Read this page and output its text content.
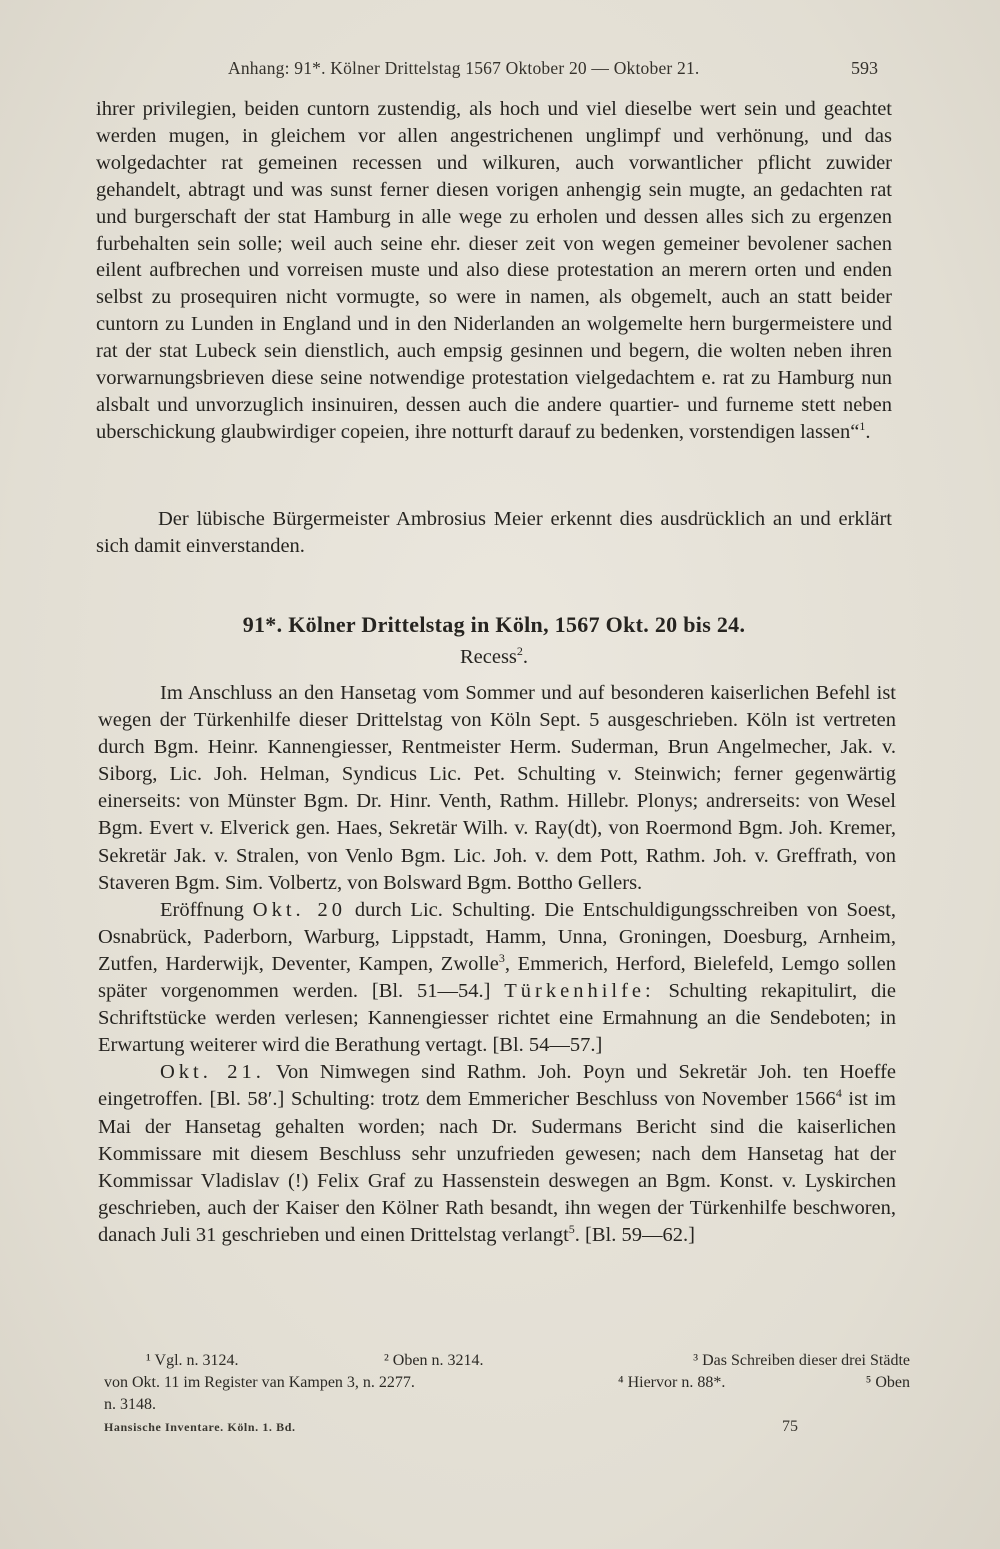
Anhang: 91*. Kölner Drittelstag 1567 Oktober 20 — Oktober 21.	593

ihrer privilegien, beiden cuntorn zustendig, als hoch und viel dieselbe wert sein und geachtet werden mugen, in gleichem vor allen angestrichenen unglimpf und verhönung, und das wolgedachter rat gemeinen recessen und wilkuren, auch vorwantlicher pflicht zuwider gehandelt, abtragt und was sunst ferner diesen vorigen anhengig sein mugte, an gedachten rat und burgerschaft der stat Hamburg in alle wege zu erholen und dessen alles sich zu ergenzen furbehalten sein solle; weil auch seine ehr. dieser zeit von wegen gemeiner bevolener sachen eilent aufbrechen und vorreisen muste und also diese protestation an merern orten und enden selbst zu prosequiren nicht vormugte, so were in namen, als obgemelt, auch an statt beider cuntorn zu Lunden in England und in den Niderlanden an wolgemelte hern burgermeistere und rat der stat Lubeck sein dienstlich, auch empsig gesinnen und begern, die wolten neben ihren vorwarnungsbrieven diese seine notwendige protestation vielgedachtem e. rat zu Hamburg nun alsbalt und unvorzuglich insinuiren, dessen auch die andere quartier- und furneme stett neben uberschickung glaubwirdiger copeien, ihre notturft darauf zu bedenken, vorstendigen lassen“$^1$.

Der lübische Bürgermeister Ambrosius Meier erkennt dies ausdrücklich an und erklärt sich damit einverstanden.

91*. Kölner Drittelstag in Köln, 1567 Okt. 20 bis 24.
Recess$^2$.

Im Anschluss an den Hansetag vom Sommer und auf besonderen kaiserlichen Befehl ist wegen der Türkenhilfe dieser Drittelstag von Köln Sept. 5 ausgeschrieben. Köln ist vertreten durch Bgm. Heinr. Kannengiesser, Rentmeister Herm. Suderman, Brun Angelmecher, Jak. v. Siborg, Lic. Joh. Helman, Syndicus Lic. Pet. Schulting v. Steinwich; ferner gegenwärtig einerseits: von Münster Bgm. Dr. Hinr. Venth, Rathm. Hillebr. Plonys; andrerseits: von Wesel Bgm. Evert v. Elverick gen. Haes, Sekretär Wilh. v. Ray(dt), von Roermond Bgm. Joh. Kremer, Sekretär Jak. v. Stralen, von Venlo Bgm. Lic. Joh. v. dem Pott, Rathm. Joh. v. Greffrath, von Staveren Bgm. Sim. Volbertz, von Bolsward Bgm. Bottho Gellers.

Eröffnung Okt. 20 durch Lic. Schulting. Die Entschuldigungsschreiben von Soest, Osnabrück, Paderborn, Warburg, Lippstadt, Hamm, Unna, Groningen, Doesburg, Arnheim, Zutfen, Harderwijk, Deventer, Kampen, Zwolle$^3$, Emmerich, Herford, Bielefeld, Lemgo sollen später vorgenommen werden. [Bl. 51—54.] Türkenhilfe: Schulting rekapitulirt, die Schriftstücke werden verlesen; Kannengiesser richtet eine Ermahnung an die Sendeboten; in Erwartung weiterer wird die Berathung vertagt. [Bl. 54—57.]

Okt. 21. Von Nimwegen sind Rathm. Joh. Poyn und Sekretär Joh. ten Hoeffe eingetroffen. [Bl. 58′.] Schulting: trotz dem Emmericher Beschluss von November 1566$^4$ ist im Mai der Hansetag gehalten worden; nach Dr. Sudermans Bericht sind die kaiserlichen Kommissare mit diesem Beschluss sehr unzufrieden gewesen; nach dem Hansetag hat der Kommissar Vladislav (!) Felix Graf zu Hassenstein deswegen an Bgm. Konst. v. Lyskirchen geschrieben, auch der Kaiser den Kölner Rath besandt, ihn wegen der Türkenhilfe beschworen, danach Juli 31 geschrieben und einen Drittelstag verlangt$^5$. [Bl. 59—62.]

¹ Vgl. n. 3124.	² Oben n. 3214.	³ Das Schreiben dieser drei Städte
von Okt. 11 im Register van Kampen 3, n. 2277.	⁴ Hiervor n. 88*.	⁵ Oben
n. 3148.
Hansische Inventare. Köln. 1. Bd.	75
